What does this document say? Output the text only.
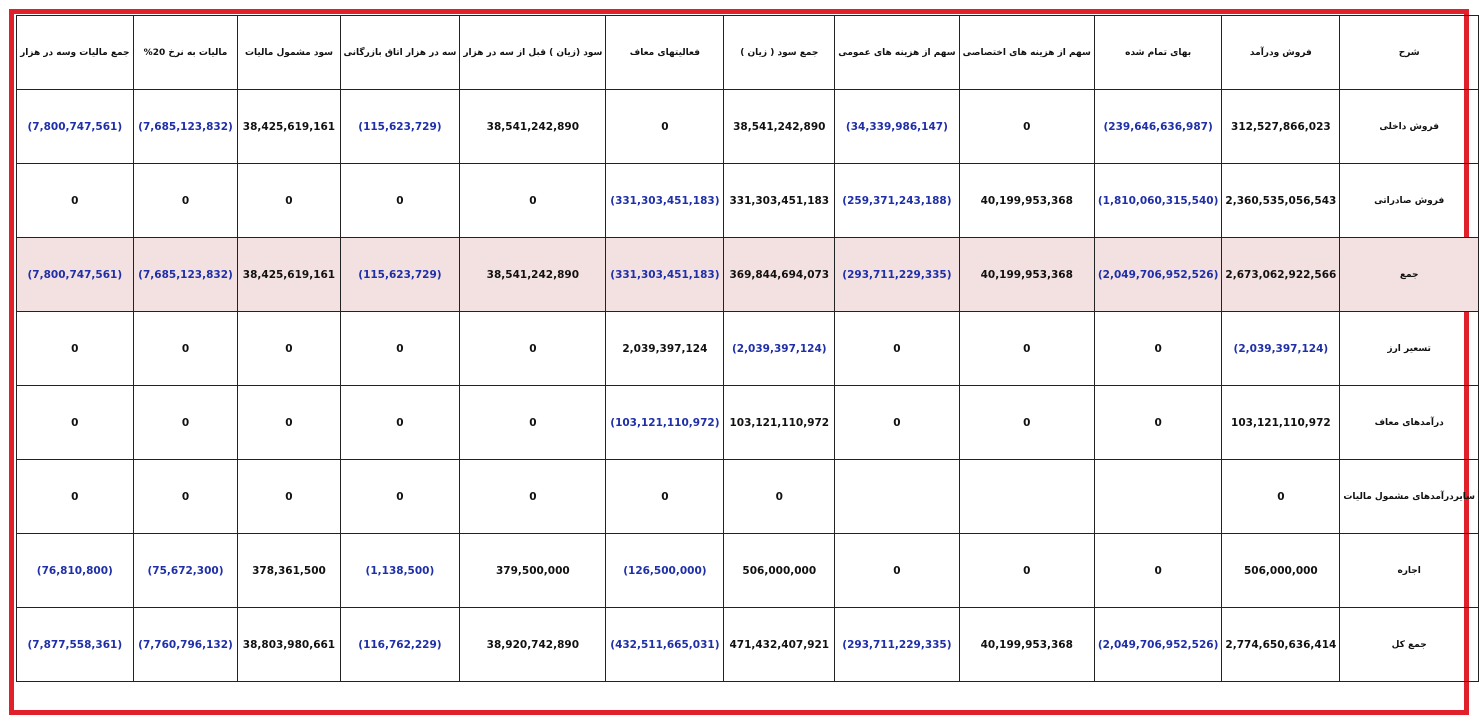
شرح	فروش ودرآمد	بهای تمام شده	سهم از هزینه های اختصاصی	سهم از هزینه های عمومی	جمع سود ( زیان )	فعالیتهای معاف	سود (زیان ) قبل از سه در هزار	سه در هزار اتاق بازرگانی	سود مشمول مالیات	مالیات به نرخ 20%	جمع مالیات وسه در هزار
فروش داخلی	312,527,866,023	(239,646,636,987)	0	(34,339,986,147)	38,541,242,890	0	38,541,242,890	(115,623,729)	38,425,619,161	(7,685,123,832)	(7,800,747,561)
فروش صادراتی	2,360,535,056,543	(1,810,060,315,540)	40,199,953,368	(259,371,243,188)	331,303,451,183	(331,303,451,183)	0	0	0	0	0
جمع	2,673,062,922,566	(2,049,706,952,526)	40,199,953,368	(293,711,229,335)	369,844,694,073	(331,303,451,183)	38,541,242,890	(115,623,729)	38,425,619,161	(7,685,123,832)	(7,800,747,561)
تسعیر ارز	(2,039,397,124)	0	0	0	(2,039,397,124)	2,039,397,124	0	0	0	0	0
درآمدهای معاف	103,121,110,972	0	0	0	103,121,110,972	(103,121,110,972)	0	0	0	0	0
سایردرآمدهای مشمول مالیات	0				0	0	0	0	0	0	0
اجاره	506,000,000	0	0	0	506,000,000	(126,500,000)	379,500,000	(1,138,500)	378,361,500	(75,672,300)	(76,810,800)
جمع کل	2,774,650,636,414	(2,049,706,952,526)	40,199,953,368	(293,711,229,335)	471,432,407,921	(432,511,665,031)	38,920,742,890	(116,762,229)	38,803,980,661	(7,760,796,132)	(7,877,558,361)
